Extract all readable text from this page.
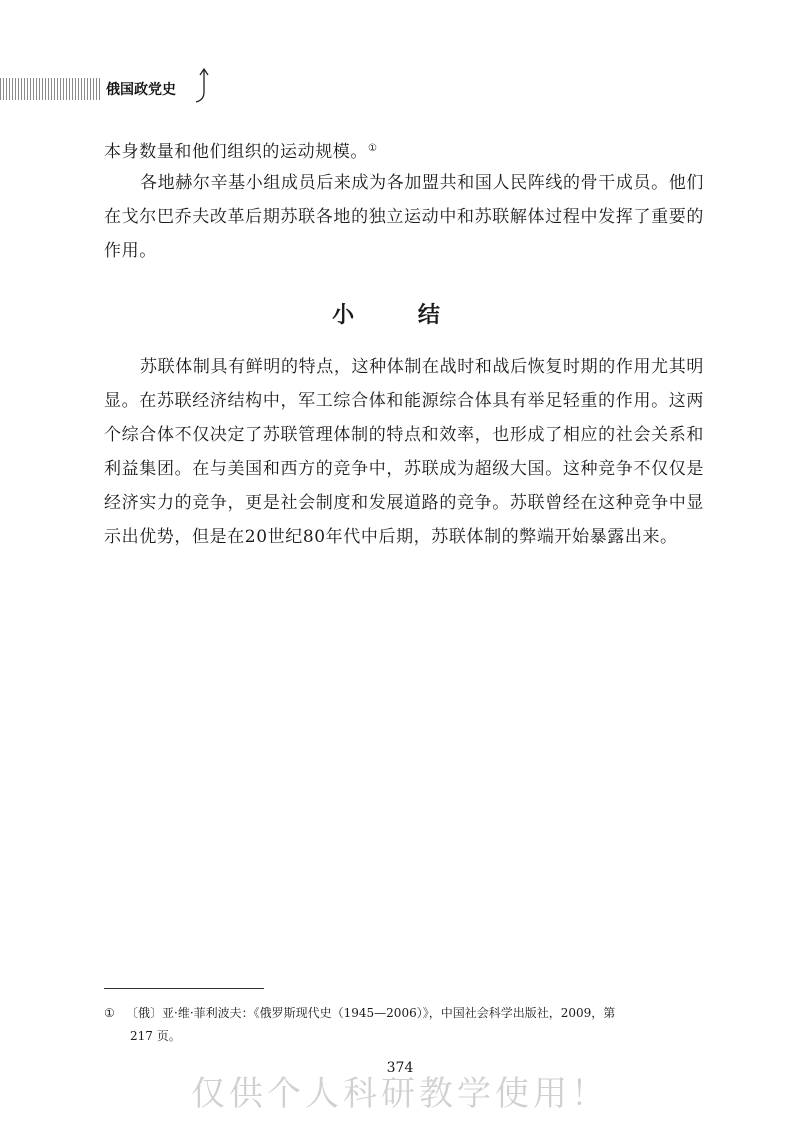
俄国政党史

本身数量和他们组织的运动规模。①

各地赫尔辛基小组成员后来成为各加盟共和国人民阵线的骨干成员。他们在戈尔巴乔夫改革后期苏联各地的独立运动中和苏联解体过程中发挥了重要的作用。

小 结

苏联体制具有鲜明的特点，这种体制在战时和战后恢复时期的作用尤其明显。在苏联经济结构中，军工综合体和能源综合体具有举足轻重的作用。这两个综合体不仅决定了苏联管理体制的特点和效率，也形成了相应的社会关系和利益集团。在与美国和西方的竞争中，苏联成为超级大国。这种竞争不仅仅是经济实力的竞争，更是社会制度和发展道路的竞争。苏联曾经在这种竞争中显示出优势，但是在20世纪80年代中后期，苏联体制的弊端开始暴露出来。

① 〔俄〕亚·维·菲利波夫：《俄罗斯现代史（1945—2006）》，中国社会科学出版社，2009，第
217 页。
374
仅供个人科研教学使用！
